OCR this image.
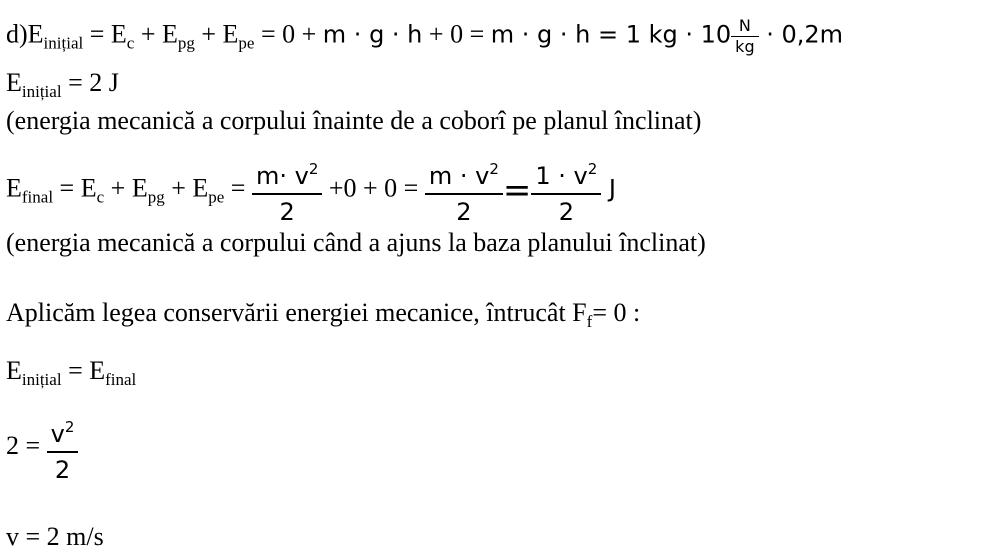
$d)E_{inițial} = E_c + E_{pg} + E_{pe} = 0 + m \cdot g \cdot h + 0 = m \cdot g \cdot h = 1$ kg · $10 \frac{N}{kg} \cdot 0,2m$
$E_{inițial} = 2$ J
(energia mecanică a corpului înainte de a coborî pe planul înclinat)
$E_{final} = E_c + E_{pg} + E_{pe} = \frac{m\cdot v^2}{2} +0 + 0 = \frac{m \cdot v^2}{2} = \frac{1 \cdot v^2}{2}$ J
(energia mecanică a corpului când a ajuns la baza planului înclinat)
Aplicăm legea conservării energiei mecanice, întrucât $F_f= 0$ :
$E_{inițial} = E_{final}$
$2 = \frac{v^2}{2}$
v = 2 m/s
